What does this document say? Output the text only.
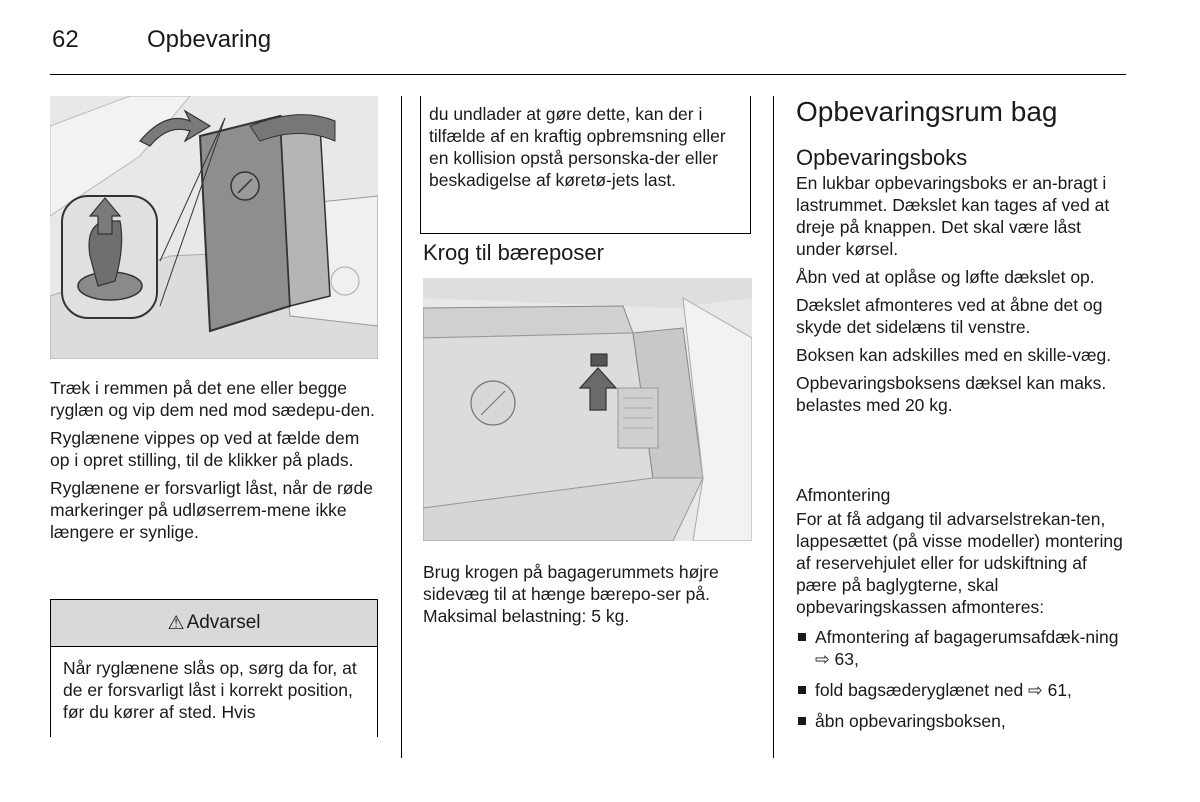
62	Opbevaring

Træk i remmen på det ene eller begge ryglæn og vip dem ned mod sædepu-den.

Ryglænene vippes op ved at fælde dem op i opret stilling, til de klikker på plads.

Ryglænene er forsvarligt låst, når de røde markeringer på udløserrem-mene ikke længere er synlige.

⚠ Advarsel
Når ryglænene slås op, sørg da for, at de er forsvarligt låst i korrekt position, før du kører af sted. Hvis
du undlader at gøre dette, kan der i tilfælde af en kraftig opbremsning eller en kollision opstå personska-der eller beskadigelse af køretø-jets last.
Krog til bæreposer

Brug krogen på bagagerummets højre sidevæg til at hænge bærepo-ser på. Maksimal belastning: 5 kg.

Opbevaringsrum bag
Opbevaringsboks

En lukbar opbevaringsboks er an-bragt i lastrummet. Dækslet kan tages af ved at dreje på knappen. Det skal være låst under kørsel.

Åbn ved at oplåse og løfte dækslet op.

Dækslet afmonteres ved at åbne det og skyde det sidelæns til venstre.

Boksen kan adskilles med en skille-væg.

Opbevaringsboksens dæksel kan maks. belastes med 20 kg.

Afmontering

For at få adgang til advarselstrekan-ten, lappesættet (på visse modeller) montering af reservehjulet eller for udskiftning af pære på baglygterne, skal opbevaringskassen afmonteres:

Afmontering af bagagerumsafdæk-ning ⇨ 63,
fold bagsæderyglænet ned ⇨ 61,
åbn opbevaringsboksen,
